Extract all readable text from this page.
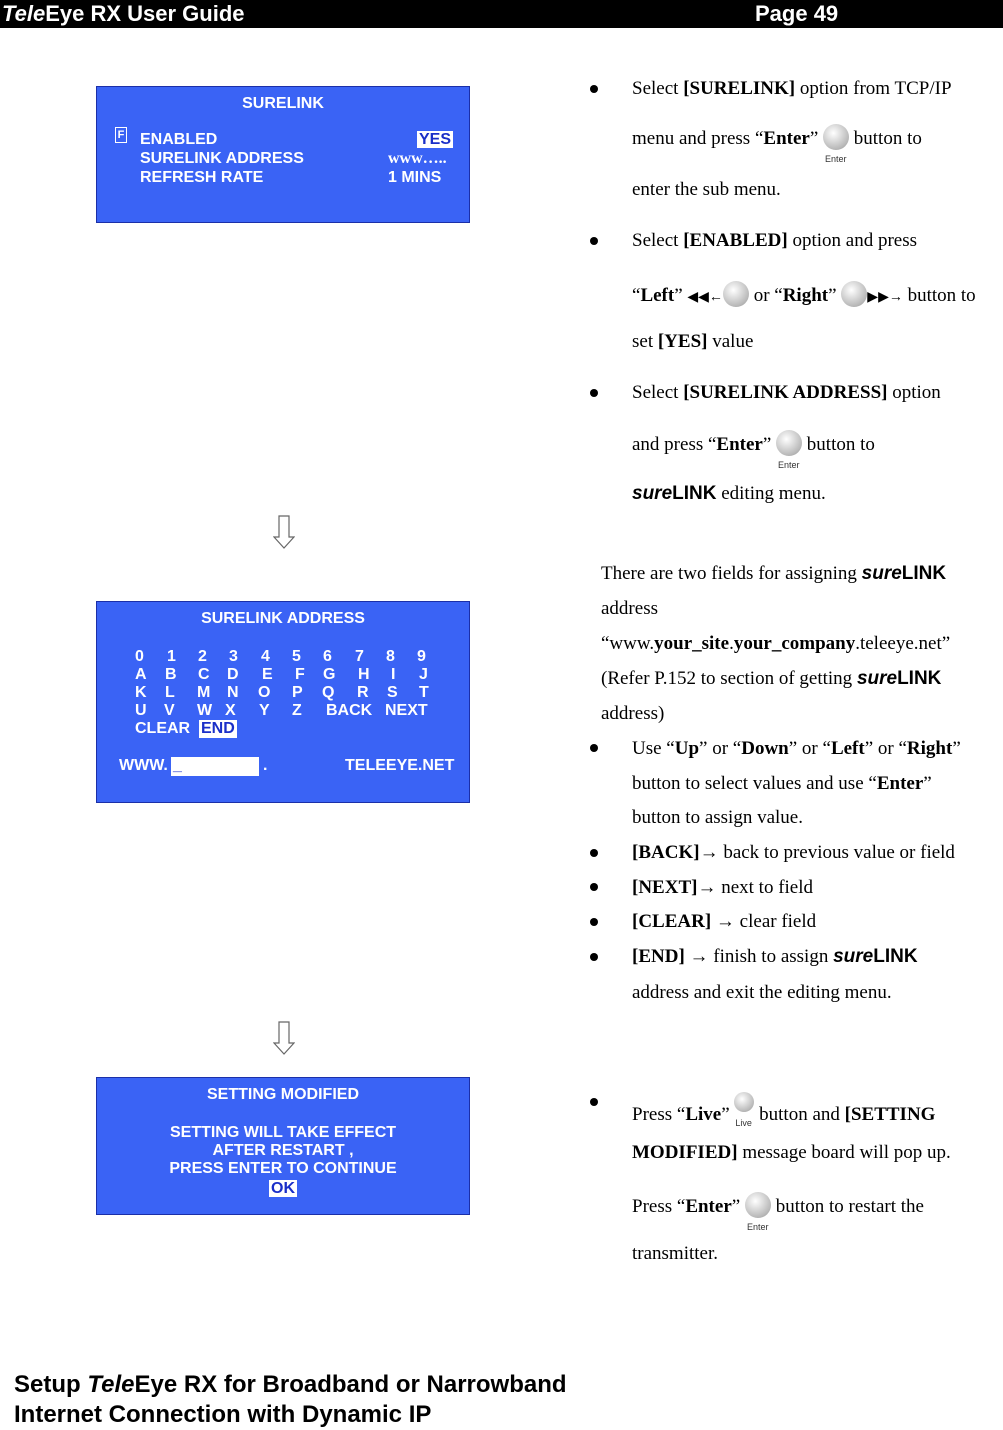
TeleEye RX User Guide	Page 49
SURELINK
F ENABLED	YES
SURELINK ADDRESS	www…..
REFRESH RATE	1 MINS
SURELINK ADDRESS
0 1 2 3 4 5 6 7 8 9
A B C D E F G H I J
K L M N O P Q R S T
U V W X Y Z BACK NEXT
CLEAR END
WWW. _	.	TELEEYE.NET
SETTING MODIFIED
SETTING WILL TAKE EFFECT
AFTER RESTART ,
PRESS ENTER TO CONTINUE
OK
Select [SURELINK] option from TCP/IP
menu and press “Enter”
Enter
button to
enter the sub menu.
Select [ENABLED] option and press
“Left” ◀◀← or “Right” ▶▶→ button to
set [YES] value
Select [SURELINK ADDRESS] option
and press “Enter”
Enter
button to
sureLINK editing menu.
There are two fields for assigning sureLINK
address
“www.your_site.your_company.teleeye.net”
(Refer P.152 to section of getting sureLINK
address)
Use “Up” or “Down” or “Left” or “Right”
button to select values and use “Enter”
button to assign value.
[BACK]→ back to previous value or field
[NEXT]→ next to field
[CLEAR] → clear field
[END] → finish to assign sureLINK
address and exit the editing menu.
Press “Live” Live button and [SETTING
MODIFIED] message board will pop up.
Press “Enter”
Enter
button to restart the
transmitter.
Setup TeleEye RX for Broadband or Narrowband
Internet Connection with Dynamic IP
